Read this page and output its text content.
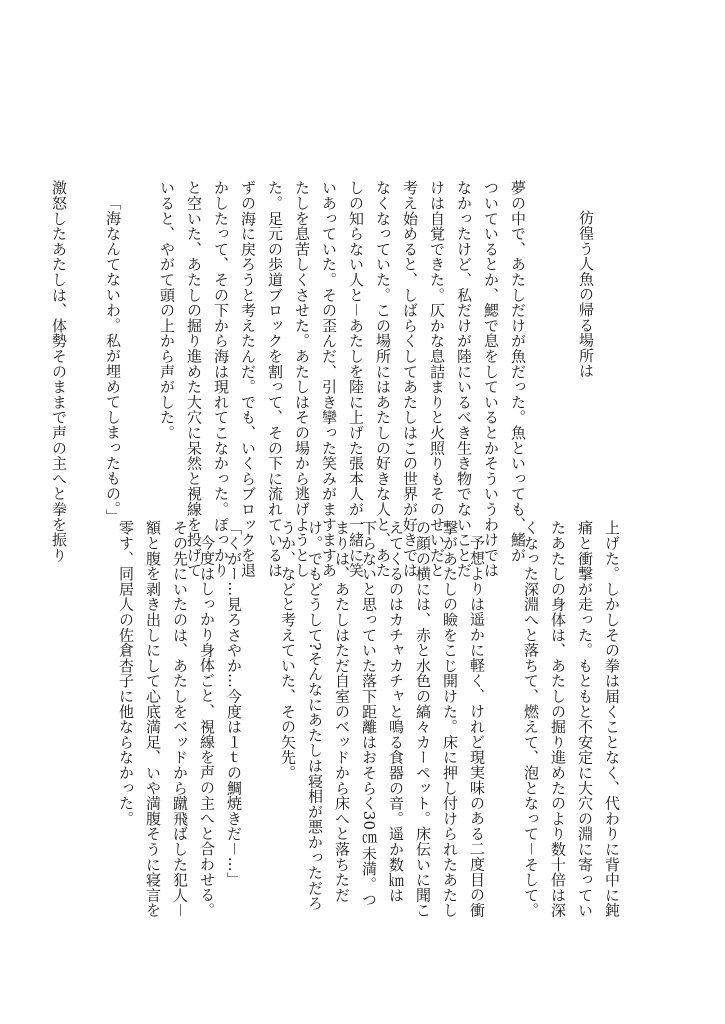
彷徨う人魚の帰る場所は
夢の中で、あたしだけが魚だった。魚といっても、鰭が
ついているとか、鰓で息をしているとかそういうわけでは
なかったけど、私だけが陸にいるべき生き物でないことだ
けは自覚できた。仄かな息詰まりと火照りもそのせいだと
考え始めると、しばらくしてあたしはこの世界が好きでは
なくなっていた。この場所にはあたしの好きな人と、あた
しの知らない人と－あたしを陸に上げた張本人が一緒に笑
いあっていた。その歪んだ、引き攣った笑みがますますあ
たしを息苦しくさせた。あたしはその場から逃げようとし
た。足元の歩道ブロックを割って、その下に流れているは
ずの海に戻ろうと考えたんだ。でも、いくらブロックを退
かしたって、その下から海は現れてこなかった。ぽっかり
と空いた、あたしの掘り進めた大穴に呆然と視線を投げて
いると、やがて頭の上から声がした。
「海なんてないわ。私が埋めてしまったもの。」
激怒したあたしは、体勢そのままで声の主へと拳を振り
上げた。しかしその拳は届くことなく、代わりに背中に鈍
痛と衝撃が走った。もともと不安定に大穴の淵に寄ってい
たあたしの身体は、あたしの掘り進めたのより数十倍は深
くなった深淵へと落ちて、燃えて、泡となって－そして。
予想よりは遥かに軽く、けれど現実味のある二度目の衝
撃があたしの瞼をこじ開けた。床に押し付けられたあたし
の顔の横には、赤と水色の縞々カーペット。床伝いに聞こ
えてくるのはカチャカチャと鳴る食器の音。遥か数㎞は
下らないと思っていた落下距離はおそらく30㎝未満。つ
まりは、あたしはただ自室のベッドから床へと落ちただ
け。でもどうして?そんなにあたしは寝相が悪かっただろ
うか、などと考えていた、その矢先。
「くがー…見ろさやか…今度は１ｔの鯛焼きだ－…」
今度はしっかり身体ごと、視線を声の主へと合わせる。
その先にいたのは、あたしをベッドから蹴飛ばした犯人－
額と腹を剥き出しにして心底満足、いや満腹そうに寝言を
零す、同居人の佐倉杏子に他ならなかった。
